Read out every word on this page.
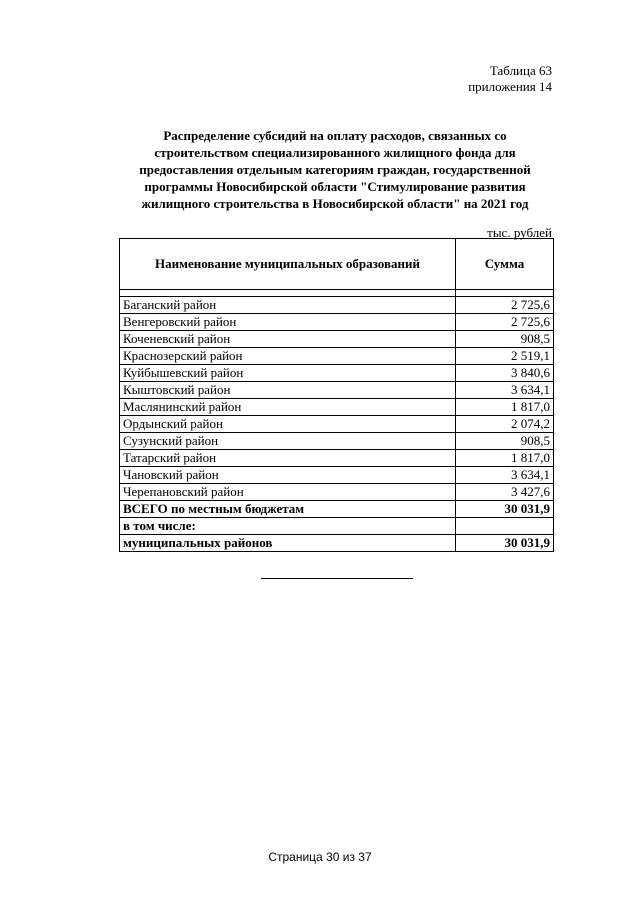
Таблица 63
приложения 14
Распределение субсидий на оплату расходов, связанных со
строительством специализированного жилищного фонда для
предоставления отдельным категориям граждан, государственной
программы Новосибирской области "Стимулирование развития
жилищного строительства в Новосибирской области" на 2021 год
тыс. рублей
Наименование муниципальных образований	Сумма

Баганский район	2 725,6
Венгеровский район	2 725,6
Коченевский район	908,5
Краснозерский район	2 519,1
Куйбышевский район	3 840,6
Кыштовский район	3 634,1
Маслянинский район	1 817,0
Ордынский район	2 074,2
Сузунский район	908,5
Татарский район	1 817,0
Чановский район	3 634,1
Черепановский район	3 427,6
ВСЕГО по местным бюджетам	30 031,9
в том числе:	
муниципальных районов	30 031,9
Страница 30 из 37
